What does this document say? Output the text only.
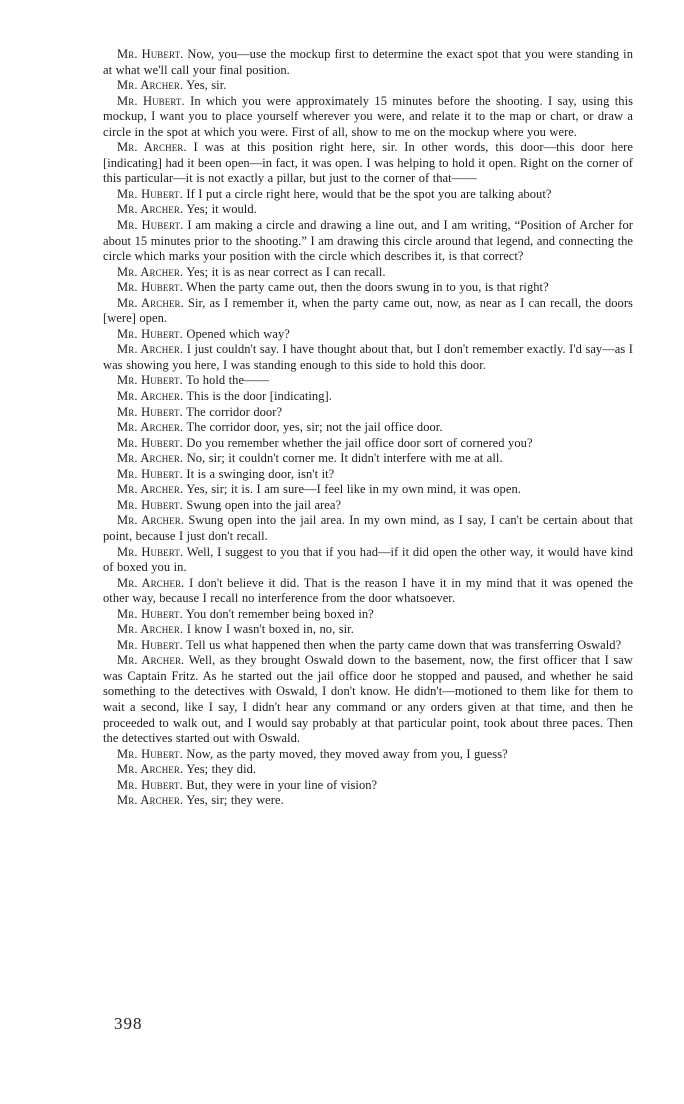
Mr. Hubert. Now, you—use the mockup first to determine the exact spot that you were standing in at what we'll call your final position.

Mr. Archer. Yes, sir.

Mr. Hubert. In which you were approximately 15 minutes before the shooting. I say, using this mockup, I want you to place yourself wherever you were, and relate it to the map or chart, or draw a circle in the spot at which you were. First of all, show to me on the mockup where you were.

Mr. Archer. I was at this position right here, sir. In other words, this door—this door here [indicating] had it been open—in fact, it was open. I was helping to hold it open. Right on the corner of this particular—it is not exactly a pillar, but just to the corner of that——

Mr. Hubert. If I put a circle right here, would that be the spot you are talking about?

Mr. Archer. Yes; it would.

Mr. Hubert. I am making a circle and drawing a line out, and I am writing, “Position of Archer for about 15 minutes prior to the shooting.” I am drawing this circle around that legend, and connecting the circle which marks your position with the circle which describes it, is that correct?

Mr. Archer. Yes; it is as near correct as I can recall.

Mr. Hubert. When the party came out, then the doors swung in to you, is that right?

Mr. Archer. Sir, as I remember it, when the party came out, now, as near as I can recall, the doors [were] open.

Mr. Hubert. Opened which way?

Mr. Archer. I just couldn't say. I have thought about that, but I don't remember exactly. I'd say—as I was showing you here, I was standing enough to this side to hold this door.

Mr. Hubert. To hold the——

Mr. Archer. This is the door [indicating].

Mr. Hubert. The corridor door?

Mr. Archer. The corridor door, yes, sir; not the jail office door.

Mr. Hubert. Do you remember whether the jail office door sort of cornered you?

Mr. Archer. No, sir; it couldn't corner me. It didn't interfere with me at all.

Mr. Hubert. It is a swinging door, isn't it?

Mr. Archer. Yes, sir; it is. I am sure—I feel like in my own mind, it was open.

Mr. Hubert. Swung open into the jail area?

Mr. Archer. Swung open into the jail area. In my own mind, as I say, I can't be certain about that point, because I just don't recall.

Mr. Hubert. Well, I suggest to you that if you had—if it did open the other way, it would have kind of boxed you in.

Mr. Archer. I don't believe it did. That is the reason I have it in my mind that it was opened the other way, because I recall no interference from the door whatsoever.

Mr. Hubert. You don't remember being boxed in?

Mr. Archer. I know I wasn't boxed in, no, sir.

Mr. Hubert. Tell us what happened then when the party came down that was transferring Oswald?

Mr. Archer. Well, as they brought Oswald down to the basement, now, the first officer that I saw was Captain Fritz. As he started out the jail office door he stopped and paused, and whether he said something to the detectives with Oswald, I don't know. He didn't—motioned to them like for them to wait a second, like I say, I didn't hear any command or any orders given at that time, and then he proceeded to walk out, and I would say probably at that particular point, took about three paces. Then the detectives started out with Oswald.

Mr. Hubert. Now, as the party moved, they moved away from you, I guess?

Mr. Archer. Yes; they did.

Mr. Hubert. But, they were in your line of vision?

Mr. Archer. Yes, sir; they were.

398
